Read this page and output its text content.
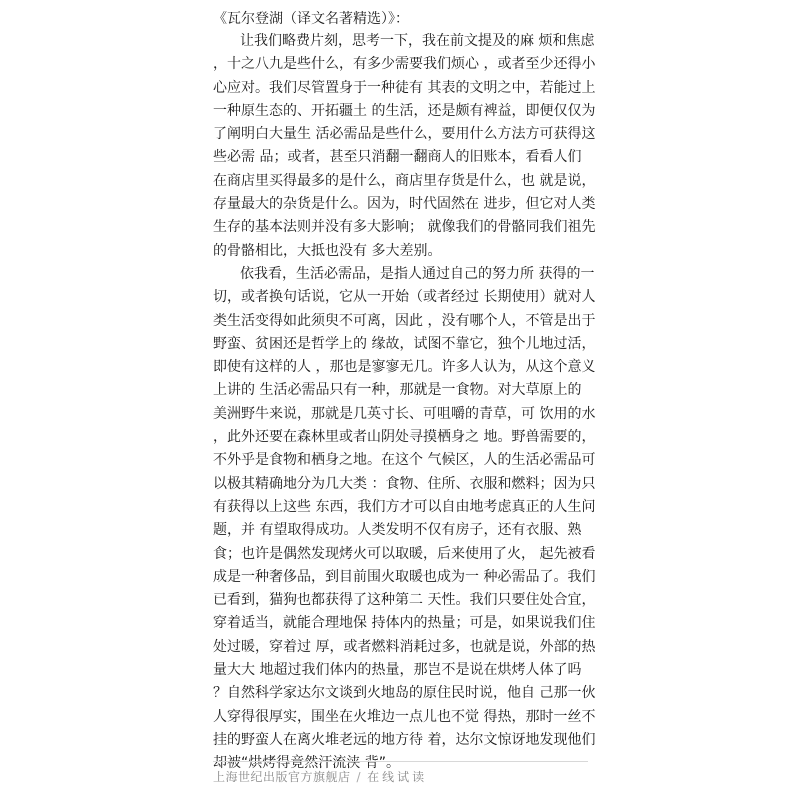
《瓦尔登湖（译文名著精选）》：
让我们略费片刻，思考一下，我在前文提及的麻 烦和焦虑
，十之八九是些什么，有多少需要我们烦心 ，或者至少还得小
心应对。我们尽管置身于一种徒有 其表的文明之中，若能过上
一种原生态的、开拓疆土 的生活，还是颇有裨益，即便仅仅为
了阐明白大量生 活必需品是些什么，要用什么方法方可获得这
些必需 品；或者，甚至只消翻一翻商人的旧账本，看看人们
在商店里买得最多的是什么，商店里存货是什么，也 就是说，
存量最大的杂货是什么。因为，时代固然在 进步，但它对人类
生存的基本法则并没有多大影响； 就像我们的骨骼同我们祖先
的骨骼相比，大抵也没有 多大差别。
依我看，生活必需品，是指人通过自己的努力所 获得的一
切，或者换句话说，它从一开始（或者经过 长期使用）就对人
类生活变得如此须臾不可离，因此 ，没有哪个人，不管是出于
野蛮、贫困还是哲学上的 缘故，试图不靠它，独个儿地过活，
即使有这样的人 ，那也是寥寥无几。许多人认为，从这个意义
上讲的 生活必需品只有一种，那就是一食物。对大草原上的
美洲野牛来说，那就是几英寸长、可咀嚼的青草，可 饮用的水
，此外还要在森林里或者山阴处寻摸栖身之 地。野兽需要的，
不外乎是食物和栖身之地。在这个 气候区，人的生活必需品可
以极其精确地分为几大类 ：食物、住所、衣服和燃料；因为只
有获得以上这些 东西，我们方才可以自由地考虑真正的人生问
题，并 有望取得成功。人类发明不仅有房子，还有衣服、熟
食；也许是偶然发现烤火可以取暖，后来使用了火， 起先被看
成是一种奢侈品，到目前围火取暖也成为一 种必需品了。我们
已看到，猫狗也都获得了这种第二 天性。我们只要住处合宜，
穿着适当，就能合理地保 持体内的热量；可是，如果说我们住
处过暖，穿着过 厚，或者燃料消耗过多，也就是说，外部的热
量大大 地超过我们体内的热量，那岂不是说在烘烤人体了吗
？自然科学家达尔文谈到火地岛的原住民时说，他自 己那一伙
人穿得很厚实，围坐在火堆边一点儿也不觉 得热，那时一丝不
挂的野蛮人在离火堆老远的地方待 着，达尔文惊讶地发现他们
却被“烘烤得竟然汗流浃 背”。
上海世纪出版官方旗舰店 / 在线试读
